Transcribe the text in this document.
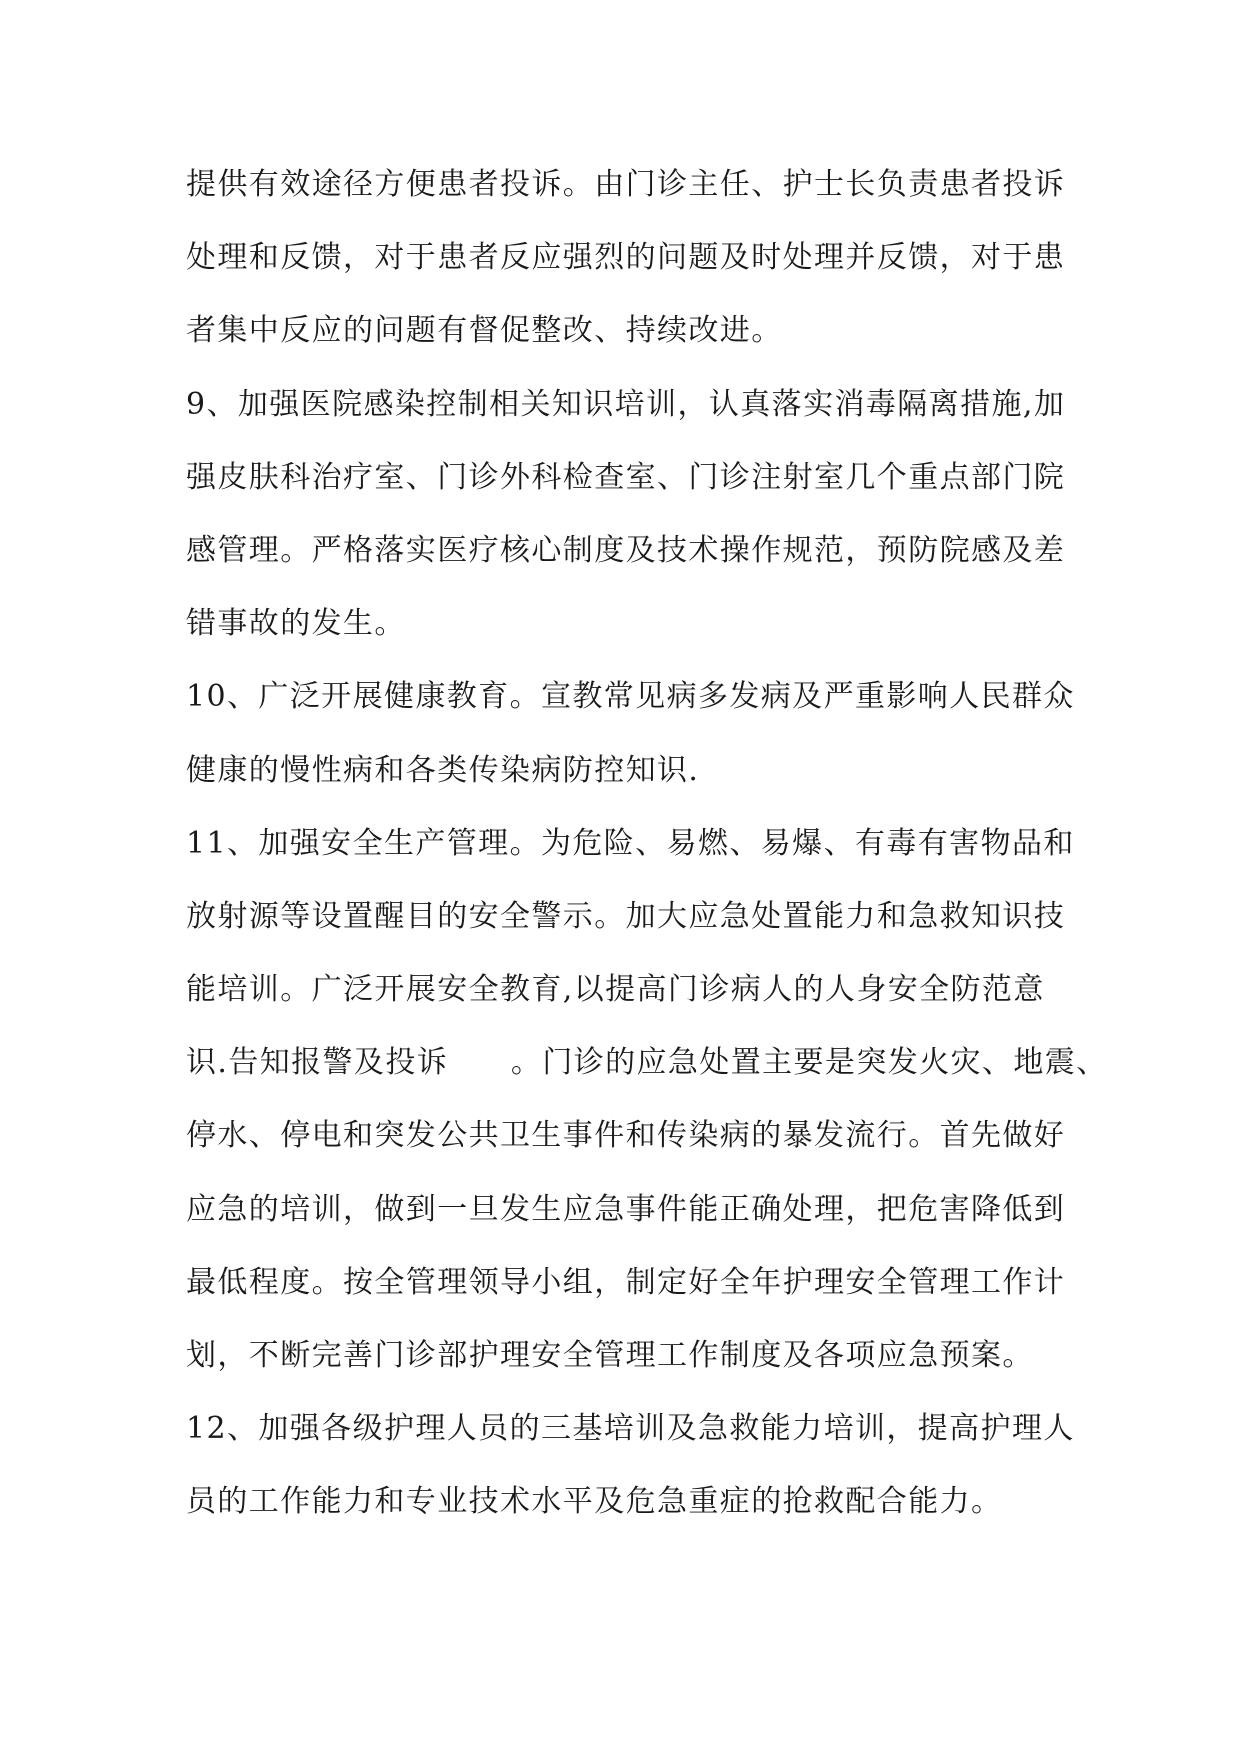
提供有效途径方便患者投诉。由门诊主任、护士长负责患者投诉
处理和反馈，对于患者反应强烈的问题及时处理并反馈，对于患
者集中反应的问题有督促整改、持续改进。
9、加强医院感染控制相关知识培训，认真落实消毒隔离措施,加
强皮肤科治疗室、门诊外科检查室、门诊注射室几个重点部门院
感管理。严格落实医疗核心制度及技术操作规范，预防院感及差
错事故的发生。
10、广泛开展健康教育。宣教常见病多发病及严重影响人民群众
健康的慢性病和各类传染病防控知识.
11、加强安全生产管理。为危险、易燃、易爆、有毒有害物品和
放射源等设置醒目的安全警示。加大应急处置能力和急救知识技
能培训。广泛开展安全教育,以提高门诊病人的人身安全防范意
识.告知报警及投诉　　。门诊的应急处置主要是突发火灾、地震、
停水、停电和突发公共卫生事件和传染病的暴发流行。首先做好
应急的培训，做到一旦发生应急事件能正确处理，把危害降低到
最低程度。按全管理领导小组，制定好全年护理安全管理工作计
划，不断完善门诊部护理安全管理工作制度及各项应急预案。
12、加强各级护理人员的三基培训及急救能力培训，提高护理人
员的工作能力和专业技术水平及危急重症的抢救配合能力。
